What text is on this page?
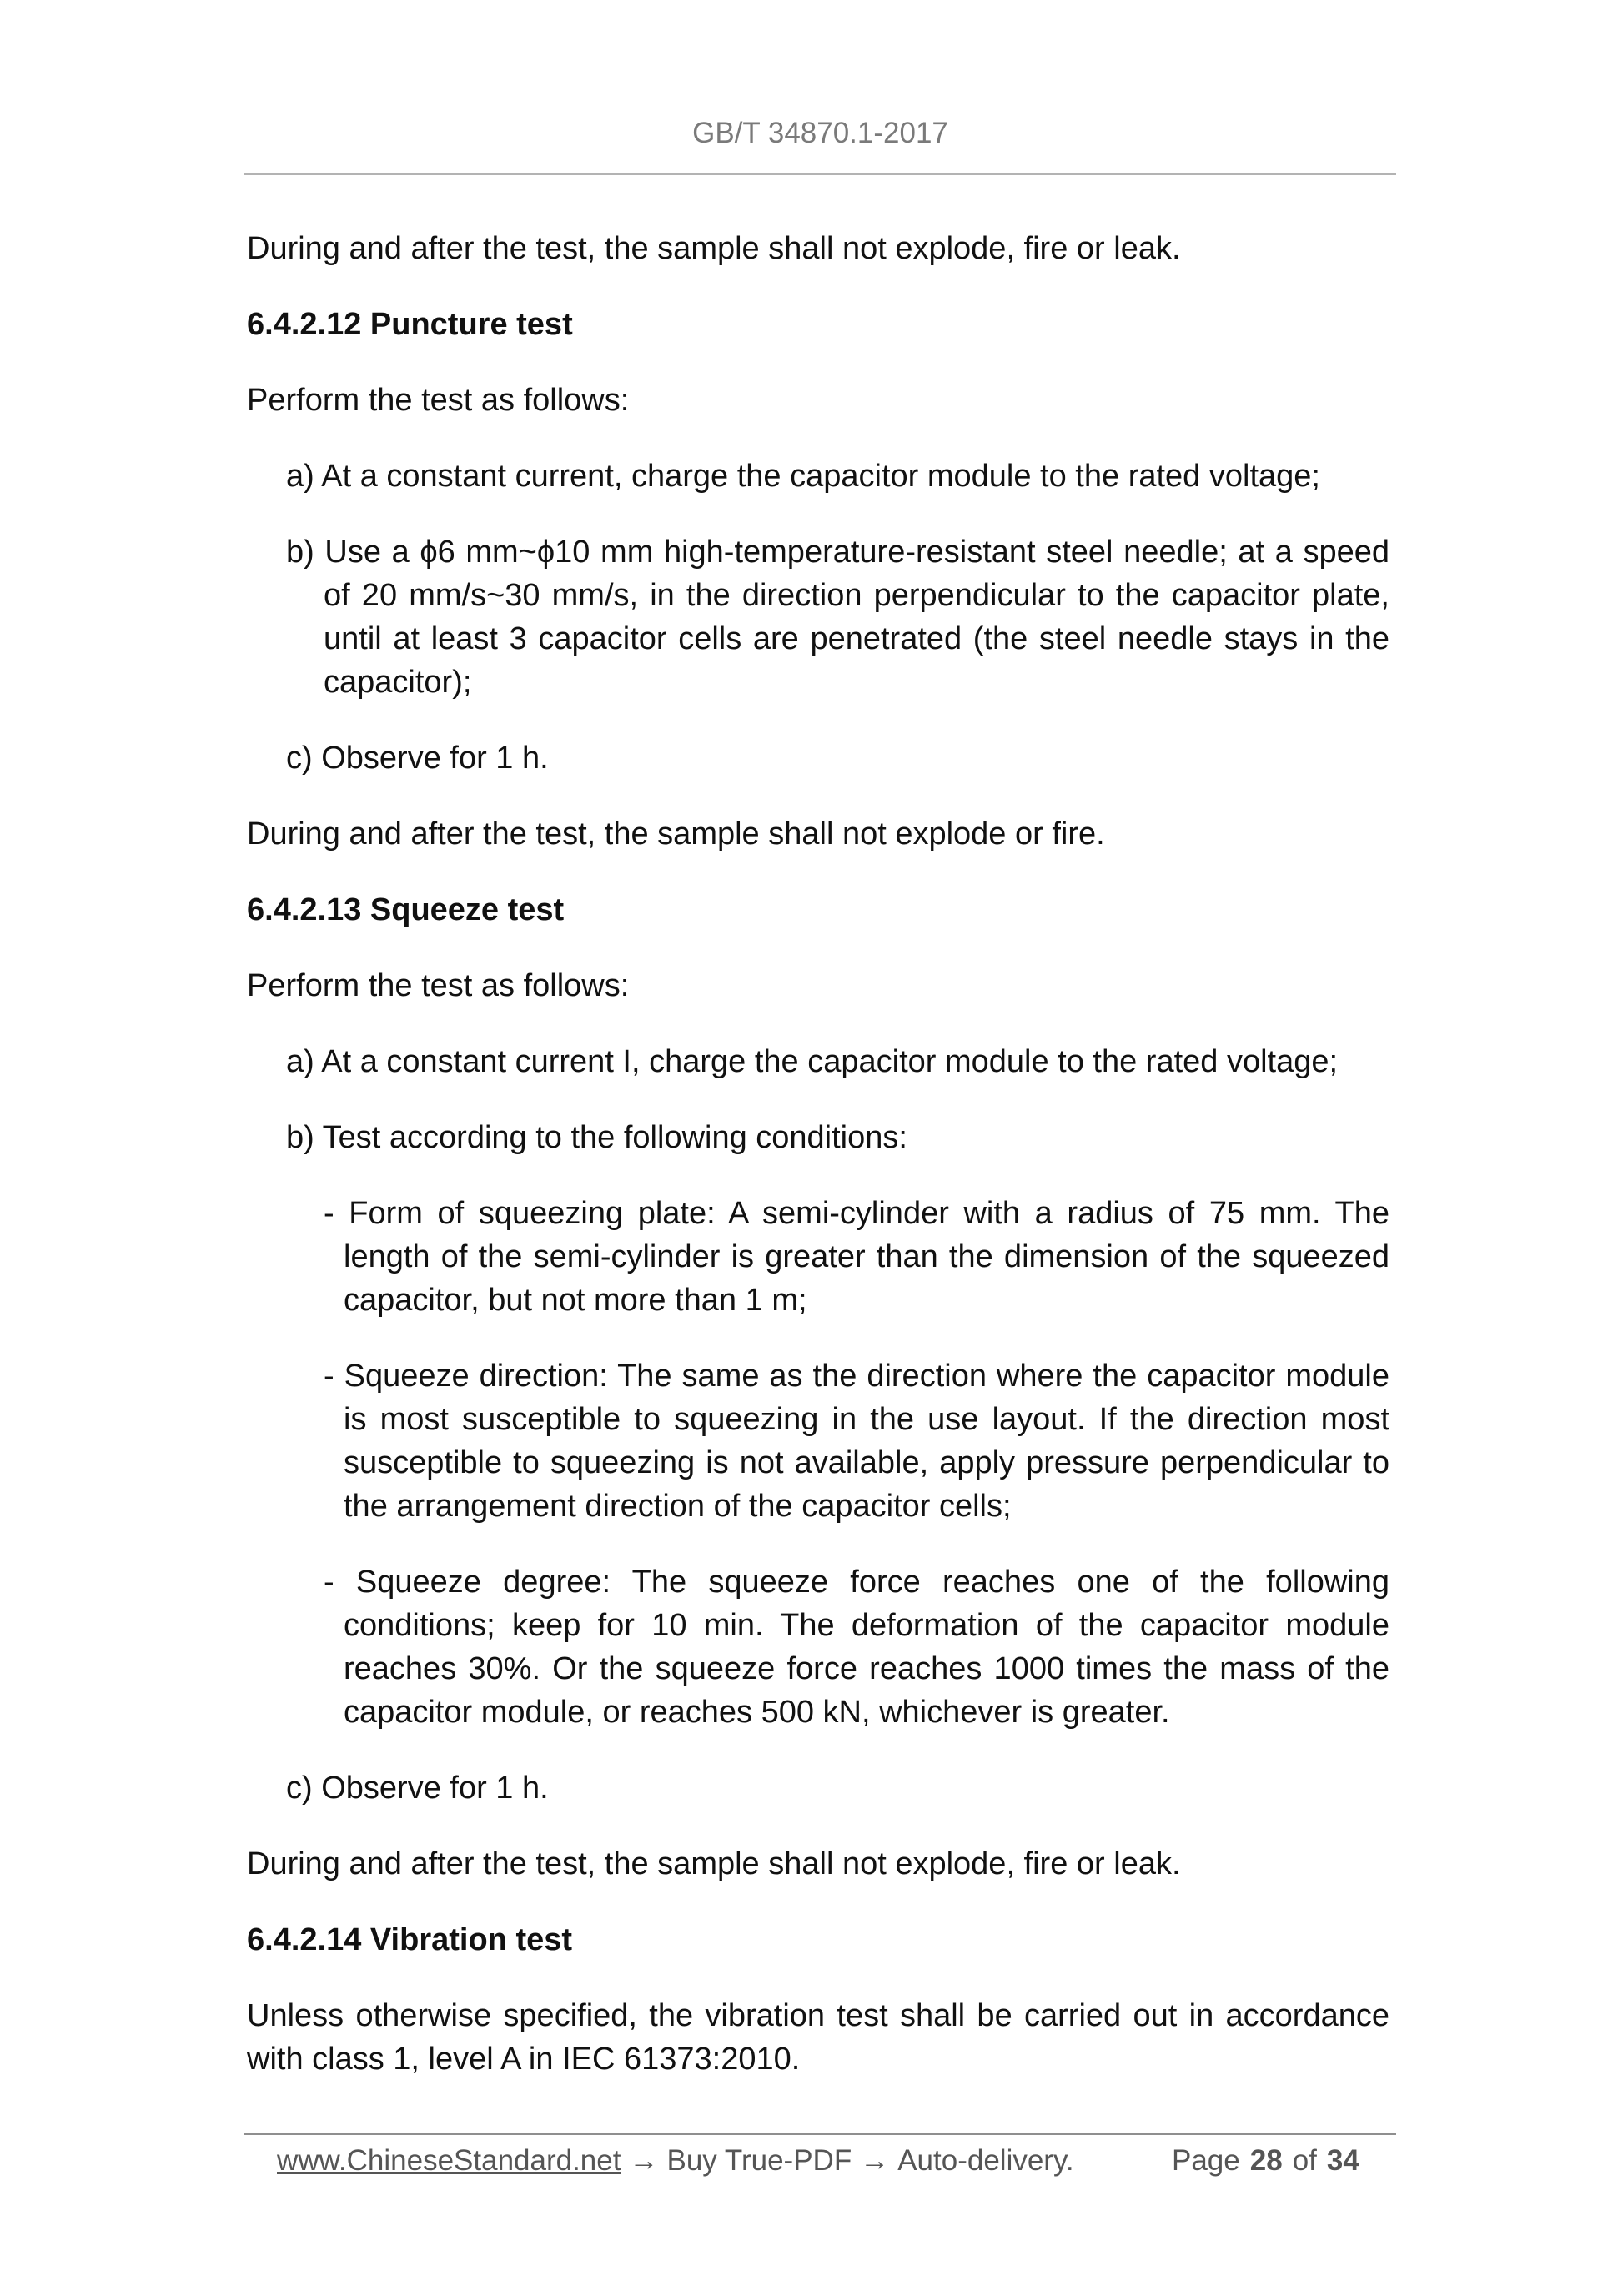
GB/T 34870.1-2017

During and after the test, the sample shall not explode, fire or leak.

6.4.2.12 Puncture test

Perform the test as follows:

a) At a constant current, charge the capacitor module to the rated voltage;

b) Use a ϕ6 mm~ϕ10 mm high-temperature-resistant steel needle; at a speed of 20 mm/s~30 mm/s, in the direction perpendicular to the capacitor plate, until at least 3 capacitor cells are penetrated (the steel needle stays in the capacitor);

c) Observe for 1 h.

During and after the test, the sample shall not explode or fire.

6.4.2.13 Squeeze test

Perform the test as follows:

a) At a constant current I, charge the capacitor module to the rated voltage;

b) Test according to the following conditions:

- Form of squeezing plate: A semi-cylinder with a radius of 75 mm. The length of the semi-cylinder is greater than the dimension of the squeezed capacitor, but not more than 1 m;

- Squeeze direction: The same as the direction where the capacitor module is most susceptible to squeezing in the use layout. If the direction most susceptible to squeezing is not available, apply pressure perpendicular to the arrangement direction of the capacitor cells;

- Squeeze degree: The squeeze force reaches one of the following conditions; keep for 10 min. The deformation of the capacitor module reaches 30%. Or the squeeze force reaches 1000 times the mass of the capacitor module, or reaches 500 kN, whichever is greater.

c) Observe for 1 h.

During and after the test, the sample shall not explode, fire or leak.

6.4.2.14 Vibration test

Unless otherwise specified, the vibration test shall be carried out in accordance with class 1, level A in IEC 61373:2010.

www.ChineseStandard.net → Buy True-PDF → Auto-delivery.	Page 28 of 34
